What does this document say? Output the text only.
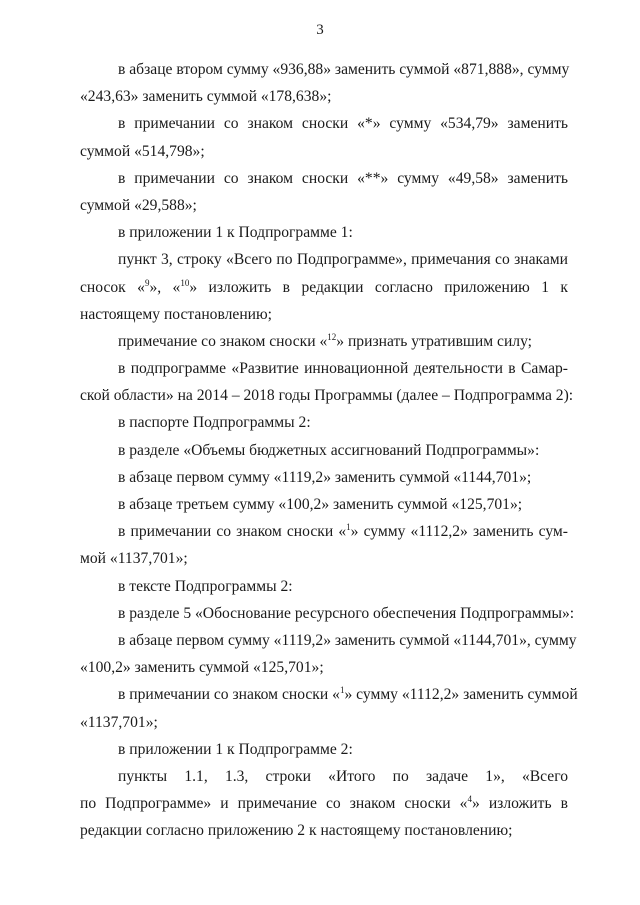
3
в абзаце втором сумму «936,88» заменить суммой «871,888», сумму
«243,63» заменить суммой «178,638»;
в примечании со знаком сноски «*» сумму «534,79» заменить
суммой «514,798»;
в примечании со знаком сноски «**» сумму «49,58» заменить
суммой «29,588»;
в приложении 1 к Подпрограмме 1:
пункт 3, строку «Всего по Подпрограмме», примечания со знаками
сносок «$^9$», «$^{10}$» изложить в редакции согласно приложению 1 к
настоящему постановлению;
примечание со знаком сноски «$^{12}$» признать утратившим силу;
в подпрограмме «Развитие инновационной деятельности в Самар-
ской области» на 2014 – 2018 годы Программы (далее – Подпрограмма 2):
в паспорте Подпрограммы 2:
в разделе «Объемы бюджетных ассигнований Подпрограммы»:
в абзаце первом сумму «1119,2» заменить суммой «1144,701»;
в абзаце третьем сумму «100,2» заменить суммой «125,701»;
в примечании со знаком сноски «$^1$» сумму «1112,2» заменить сум-
мой «1137,701»;
в тексте Подпрограммы 2:
в разделе 5 «Обоснование ресурсного обеспечения Подпрограммы»:
в абзаце первом сумму «1119,2» заменить суммой «1144,701», сумму
«100,2» заменить суммой «125,701»;
в примечании со знаком сноски «$^1$» сумму «1112,2» заменить суммой
«1137,701»;
в приложении 1 к Подпрограмме 2:
пункты 1.1, 1.3, строки «Итого по задаче 1», «Всего
по Подпрограмме» и примечание со знаком сноски «$^4$» изложить в
редакции согласно приложению 2 к настоящему постановлению;
